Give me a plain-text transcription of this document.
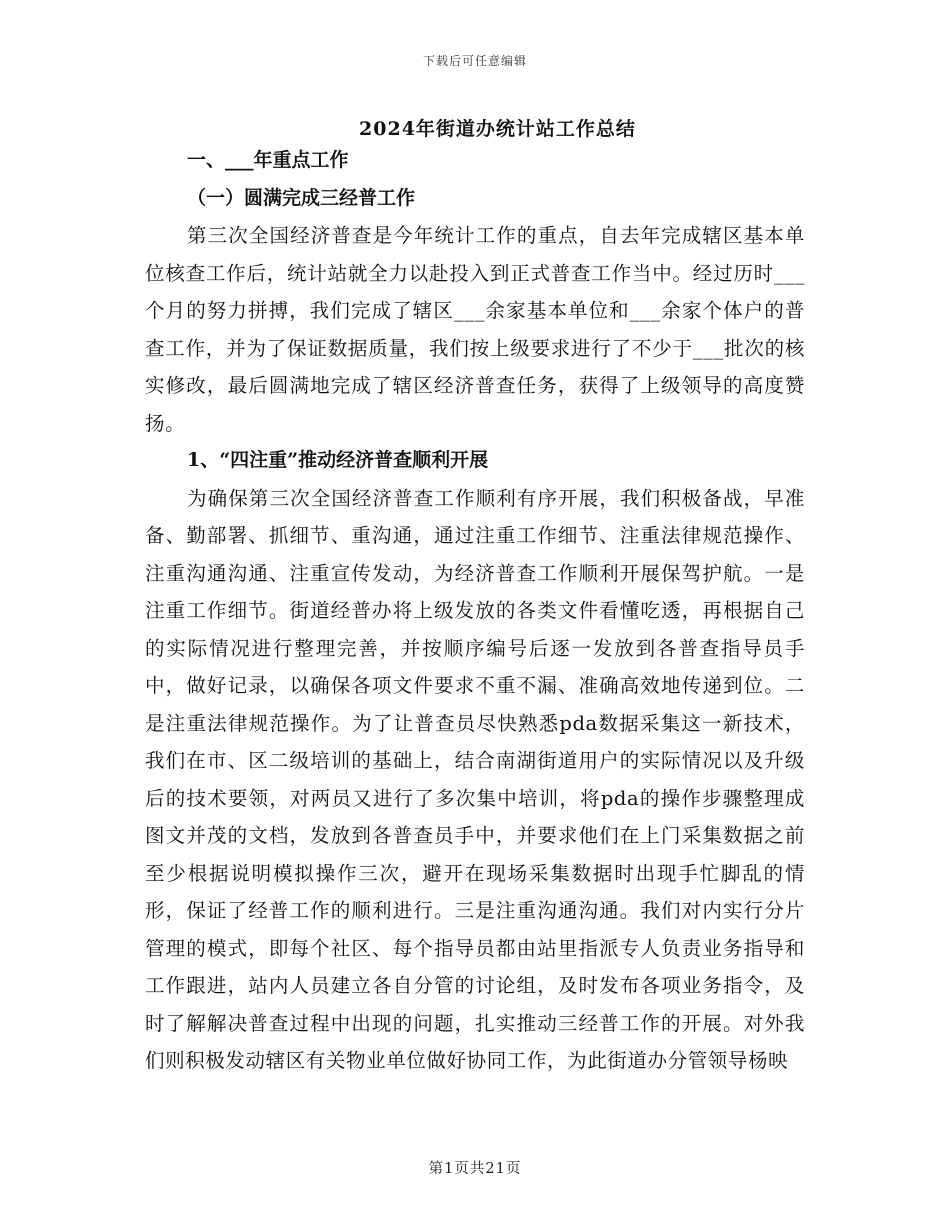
下载后可任意编辑
2024年街道办统计站工作总结

一、___年重点工作

（一）圆满完成三经普工作

第三次全国经济普查是今年统计工作的重点，自去年完成辖区基本单位核查工作后，统计站就全力以赴投入到正式普查工作当中。经过历时___个月的努力拼搏，我们完成了辖区___余家基本单位和___余家个体户的普查工作，并为了保证数据质量，我们按上级要求进行了不少于___批次的核实修改，最后圆满地完成了辖区经济普查任务，获得了上级领导的高度赞扬。

1、“四注重”推动经济普查顺利开展

为确保第三次全国经济普查工作顺利有序开展，我们积极备战，早准备、勤部署、抓细节、重沟通，通过注重工作细节、注重法律规范操作、注重沟通沟通、注重宣传发动，为经济普查工作顺利开展保驾护航。一是注重工作细节。街道经普办将上级发放的各类文件看懂吃透，再根据自己的实际情况进行整理完善，并按顺序编号后逐一发放到各普查指导员手中，做好记录，以确保各项文件要求不重不漏、准确高效地传递到位。二是注重法律规范操作。为了让普查员尽快熟悉pda数据采集这一新技术，我们在市、区二级培训的基础上，结合南湖街道用户的实际情况以及升级后的技术要领，对两员又进行了多次集中培训，将pda的操作步骤整理成图文并茂的文档，发放到各普查员手中，并要求他们在上门采集数据之前至少根据说明模拟操作三次，避开在现场采集数据时出现手忙脚乱的情形，保证了经普工作的顺利进行。三是注重沟通沟通。我们对内实行分片管理的模式，即每个社区、每个指导员都由站里指派专人负责业务指导和工作跟进，站内人员建立各自分管的讨论组，及时发布各项业务指令，及时了解解决普查过程中出现的问题，扎实推动三经普工作的开展。对外我们则积极发动辖区有关物业单位做好协同工作，为此街道办分管领导杨映

第1页共21页
